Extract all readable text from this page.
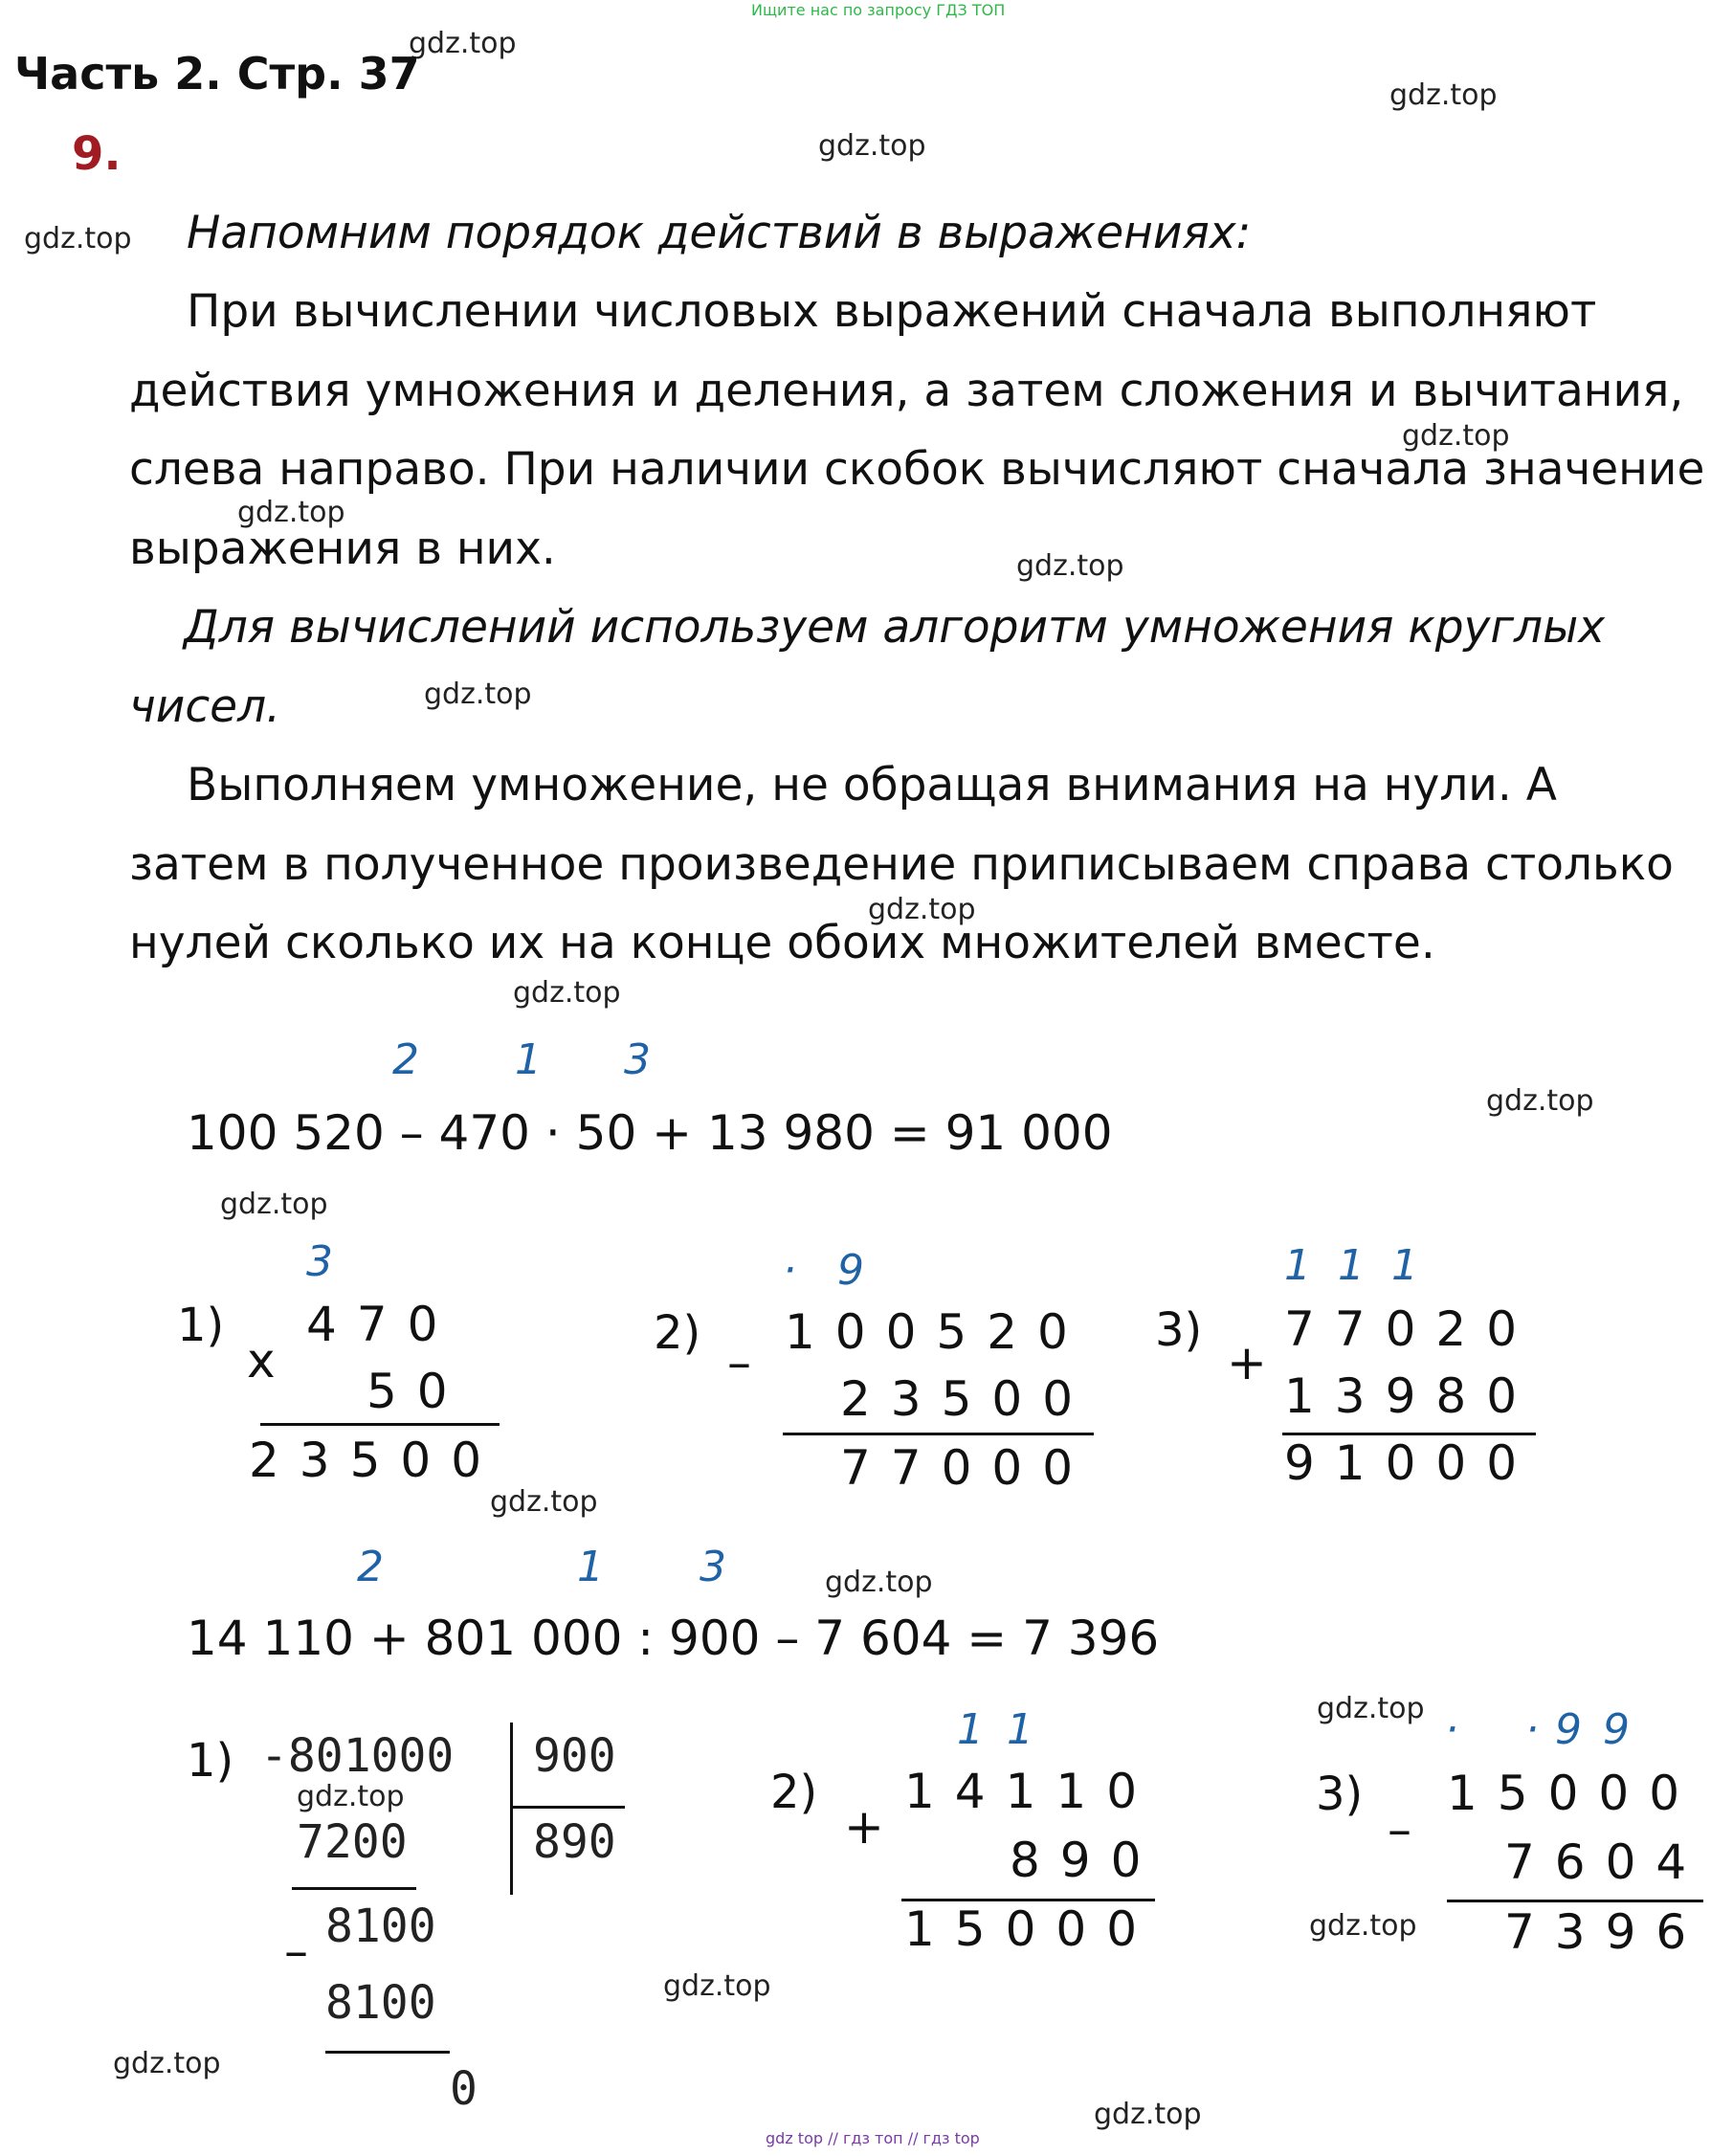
Ищите нас по запросу ГДЗ ТОП
gdz top // гдз топ // гдз top
gdz.top
gdz.top
gdz.top
gdz.top
gdz.top
gdz.top
gdz.top
gdz.top
gdz.top
gdz.top
gdz.top
gdz.top
gdz.top
gdz.top
gdz.top
gdz.top
gdz.top
gdz.top
gdz.top
gdz.top
Часть 2. Стр. 37
9.
Напомним порядок действий в выражениях:
При вычислении числовых выражений сначала выполняют
действия умножения и деления, а затем сложения и вычитания,
слева направо. При наличии скобок вычисляют сначала значение
выражения в них.
Для вычислений используем алгоритм умножения круглых
чисел.
Выполняем умножение, не обращая внимания на нули. А
затем в полученное произведение приписываем справа столько
нулей сколько их на конце обоих множителей вместе.
2 1 3
100 520 – 470 · 50 + 13 980 = 91 000
1)
3
x
470
50
23500
2)
· 9
–
100520
23500
77000
3)
111
+
77020
13980
91000
2	1 3
14 110 + 801 000 : 900 – 7 604 = 7 396
1) -801000 900
890
7200
– 8100
8100
0
2)
11
+
14110
890
15000
3)
· ·
99
–
15000
7604
7396
